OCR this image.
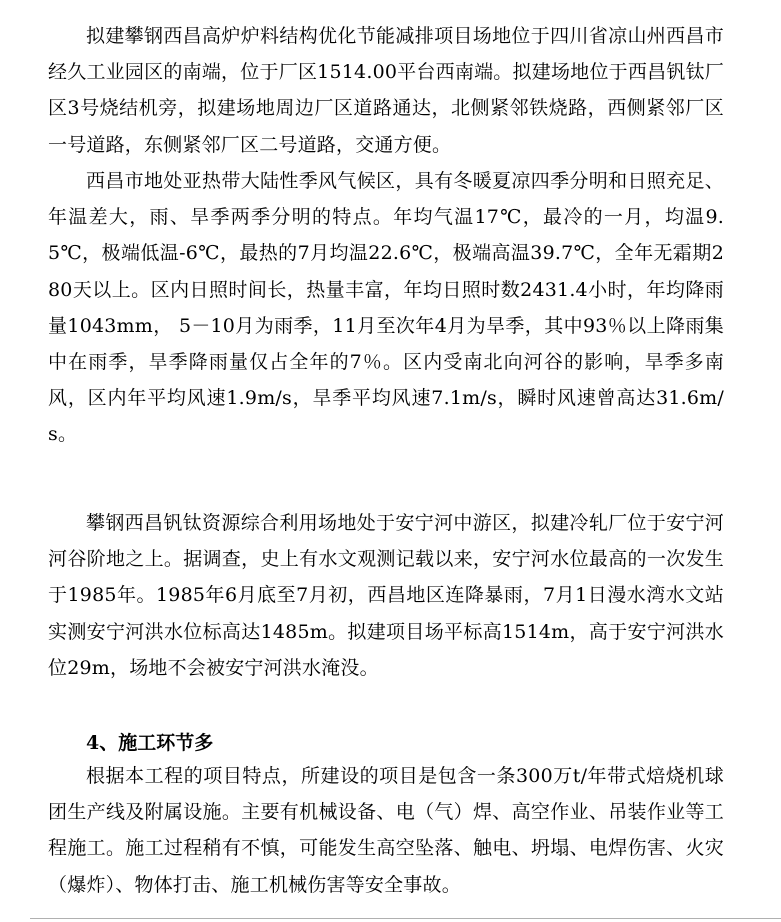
拟建攀钢西昌高炉炉料结构优化节能减排项目场地位于四川省凉山州西昌市经久工业园区的南端，位于厂区1514.00平台西南端。拟建场地位于西昌钒钛厂区3号烧结机旁，拟建场地周边厂区道路通达，北侧紧邻铁烧路，西侧紧邻厂区一号道路，东侧紧邻厂区二号道路，交通方便。

西昌市地处亚热带大陆性季风气候区，具有冬暖夏凉四季分明和日照充足、年温差大，雨、旱季两季分明的特点。年均气温17℃，最冷的一月，均温9.5℃，极端低温-6℃，最热的7月均温22.6℃，极端高温39.7℃，全年无霜期280天以上。区内日照时间长，热量丰富，年均日照时数2431.4小时，年均降雨量1043mm， 5－10月为雨季，11月至次年4月为旱季，其中93％以上降雨集中在雨季，旱季降雨量仅占全年的7％。区内受南北向河谷的影响，旱季多南风，区内年平均风速1.9m/s，旱季平均风速7.1m/s，瞬时风速曾高达31.6m/s。

攀钢西昌钒钛资源综合利用场地处于安宁河中游区，拟建冷轧厂位于安宁河河谷阶地之上。据调查，史上有水文观测记载以来，安宁河水位最高的一次发生于1985年。1985年6月底至7月初，西昌地区连降暴雨，7月1日漫水湾水文站实测安宁河洪水位标高达1485m。拟建项目场平标高1514m，高于安宁河洪水位29m，场地不会被安宁河洪水淹没。

4、施工环节多

根据本工程的项目特点，所建设的项目是包含一条300万t/年带式焙烧机球团生产线及附属设施。主要有机械设备、电（气）焊、高空作业、吊装作业等工程施工。施工过程稍有不慎，可能发生高空坠落、触电、坍塌、电焊伤害、火灾（爆炸）、物体打击、施工机械伤害等安全事故。
